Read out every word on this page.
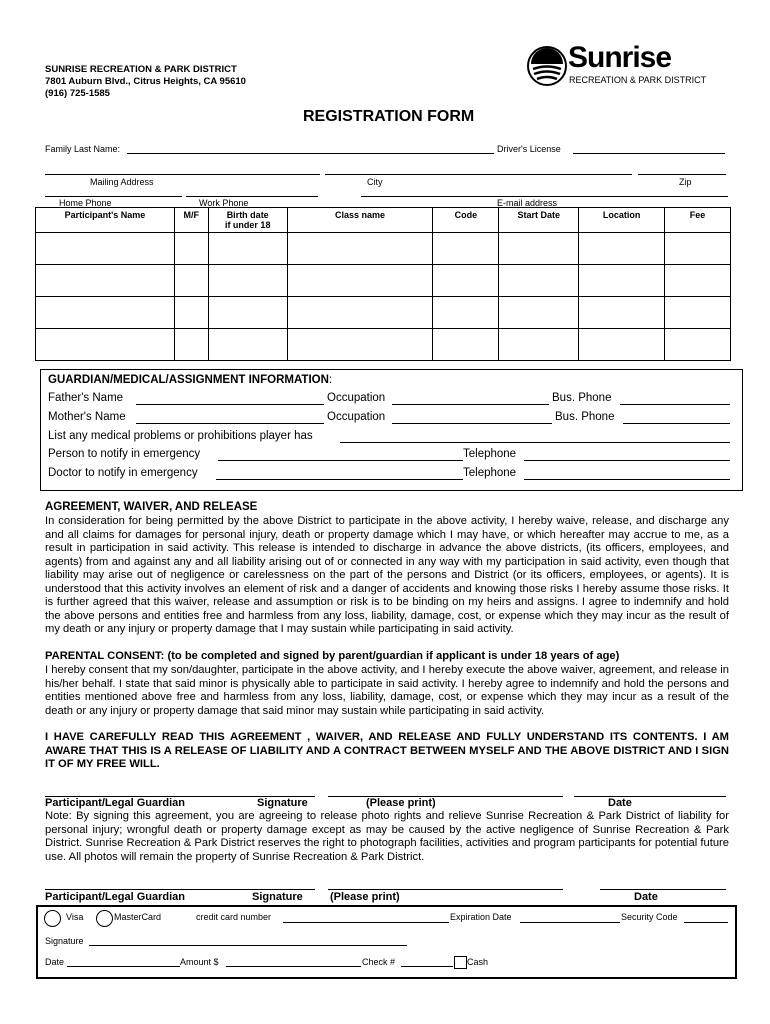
SUNRISE RECREATION & PARK DISTRICT
7801 Auburn Blvd., Citrus Heights, CA 95610
(916) 725-1585
Sunrise
RECREATION & PARK DISTRICT
REGISTRATION FORM
Family Last Name:	Driver's License
Mailing Address	City	Zip
Home Phone	Work Phone	E-mail address
Participant's Name	M/F	Birth date
if under 18	Class name	Code	Start Date	Location	Fee

GUARDIAN/MEDICAL/ASSIGNMENT INFORMATION:
Father's Name	Occupation	Bus. Phone
Mother's Name	Occupation	Bus. Phone
List any medical problems or prohibitions player has
Person to notify in emergency	Telephone
Doctor to notify in emergency	Telephone
AGREEMENT, WAIVER, AND RELEASE
In consideration for being permitted by the above District to participate in the above activity, I hereby waive, release, and discharge any and all claims for damages for personal injury, death or property damage which I may have, or which hereafter may accrue to me, as a result in participation in said activity. This release is intended to discharge in advance the above districts, (its officers, employees, and agents) from and against any and all liability arising out of or connected in any way with my participation in said activity, even though that liability may arise out of negligence or carelessness on the part of the persons and District (or its officers, employees, or agents). It is understood that this activity involves an element of risk and a danger of accidents and knowing those risks I hereby assume those risks. It is further agreed that this waiver, release and assumption or risk is to be binding on my heirs and assigns. I agree to indemnify and hold the above persons and entities free and harmless from any loss, liability, damage, cost, or expense which they may incur as the result of my death or any injury or property damage that I may sustain while participating in said activity.
PARENTAL CONSENT: (to be completed and signed by parent/guardian if applicant is under 18 years of age)
I hereby consent that my son/daughter, participate in the above activity, and I hereby execute the above waiver, agreement, and release in his/her behalf. I state that said minor is physically able to participate in said activity. I hereby agree to indemnify and hold the persons and entities mentioned above free and harmless from any loss, liability, damage, cost, or expense which they may incur as a result of the death or any injury or property damage that said minor may sustain while participating in said activity.
I HAVE CAREFULLY READ THIS AGREEMENT , WAIVER, AND RELEASE AND FULLY UNDERSTAND ITS CONTENTS. I AM AWARE THAT THIS IS A RELEASE OF LIABILITY AND A CONTRACT BETWEEN MYSELF AND THE ABOVE DISTRICT AND I SIGN IT OF MY FREE WILL.
Participant/Legal Guardian	Signature	(Please print)	Date
Note: By signing this agreement, you are agreeing to release photo rights and relieve Sunrise Recreation & Park District of liability for personal injury; wrongful death or property damage except as may be caused by the active negligence of Sunrise Recreation & Park District. Sunrise Recreation & Park District reserves the right to photograph facilities, activities and program participants for potential future use. All photos will remain the property of Sunrise Recreation & Park District.
Participant/Legal Guardian	Signature (Please print)	Date
Visa	MasterCard	credit card number	Expiration Date	Security Code
Signature
Date	Amount $	Check #	Cash
